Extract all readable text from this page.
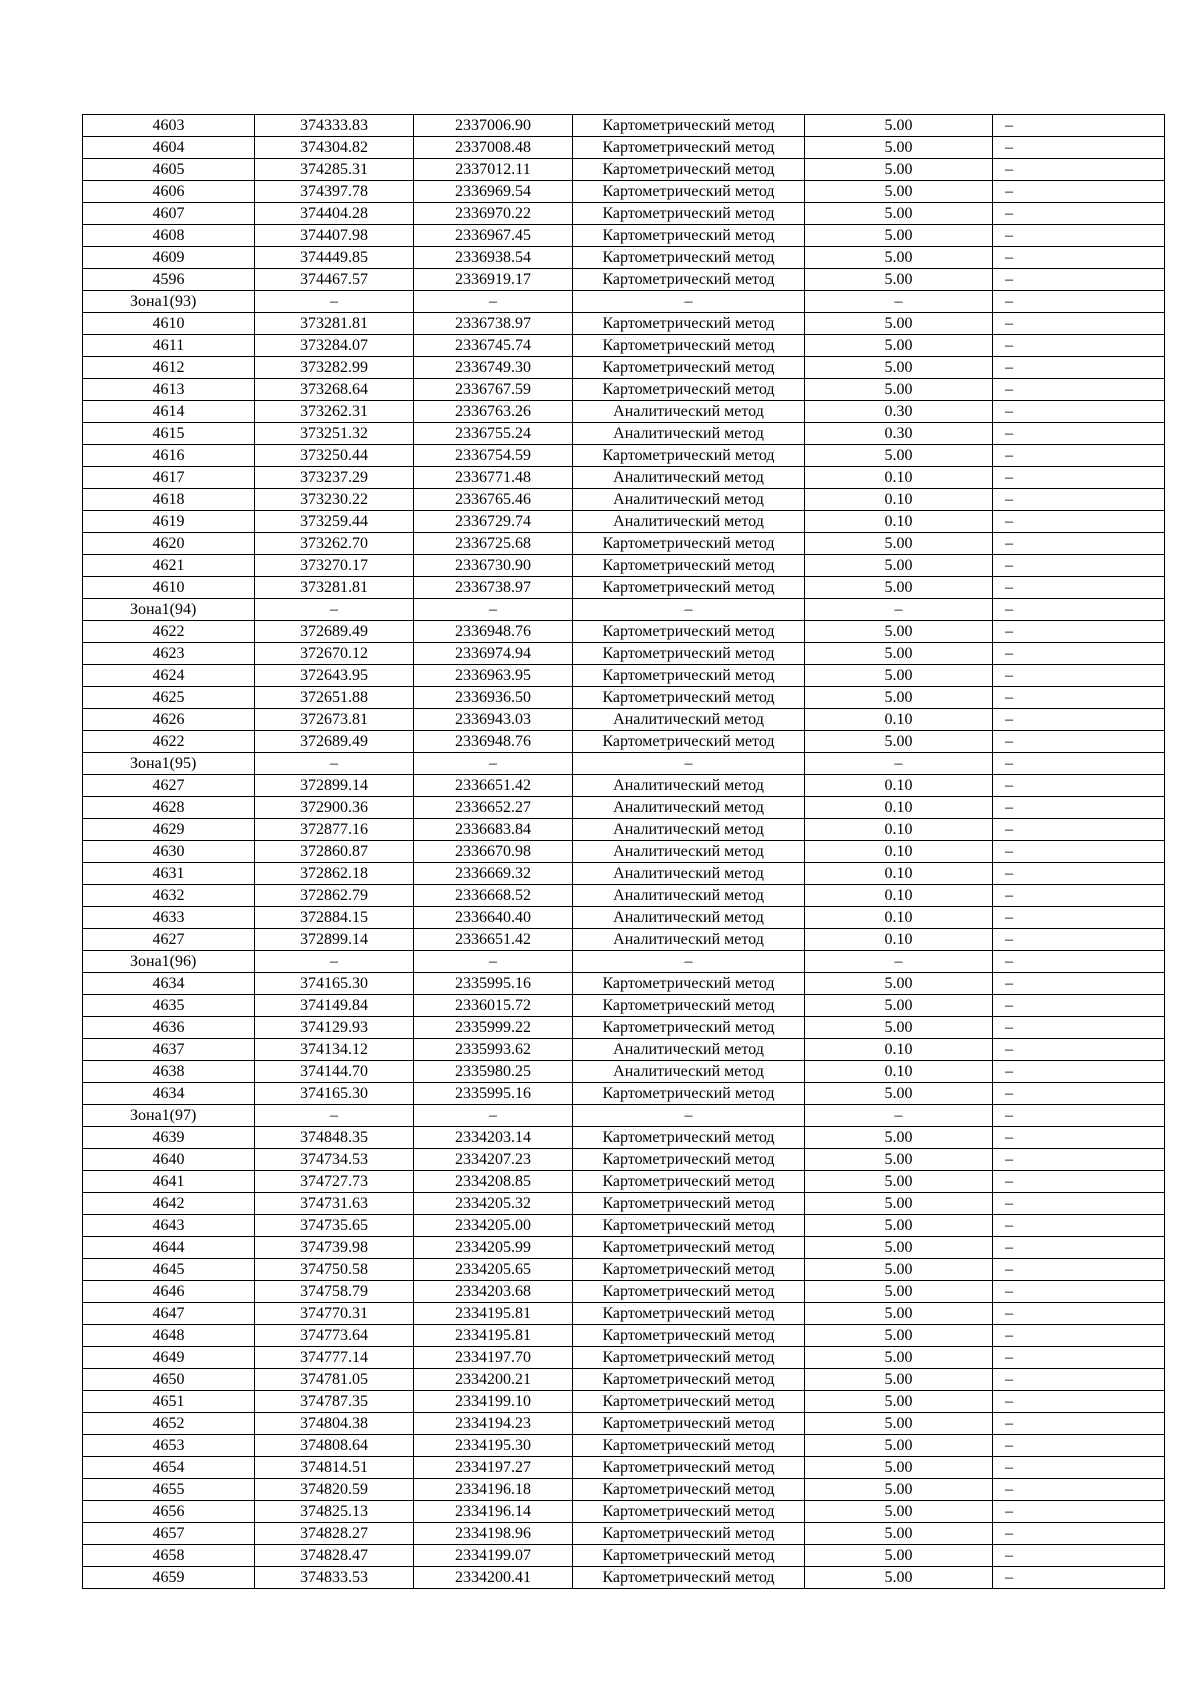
4603	374333.83	2337006.90	Картометрический метод	5.00	–
4604	374304.82	2337008.48	Картометрический метод	5.00	–
4605	374285.31	2337012.11	Картометрический метод	5.00	–
4606	374397.78	2336969.54	Картометрический метод	5.00	–
4607	374404.28	2336970.22	Картометрический метод	5.00	–
4608	374407.98	2336967.45	Картометрический метод	5.00	–
4609	374449.85	2336938.54	Картометрический метод	5.00	–
4596	374467.57	2336919.17	Картометрический метод	5.00	–
Зона1(93)	–	–	–	–	–
4610	373281.81	2336738.97	Картометрический метод	5.00	–
4611	373284.07	2336745.74	Картометрический метод	5.00	–
4612	373282.99	2336749.30	Картометрический метод	5.00	–
4613	373268.64	2336767.59	Картометрический метод	5.00	–
4614	373262.31	2336763.26	Аналитический метод	0.30	–
4615	373251.32	2336755.24	Аналитический метод	0.30	–
4616	373250.44	2336754.59	Картометрический метод	5.00	–
4617	373237.29	2336771.48	Аналитический метод	0.10	–
4618	373230.22	2336765.46	Аналитический метод	0.10	–
4619	373259.44	2336729.74	Аналитический метод	0.10	–
4620	373262.70	2336725.68	Картометрический метод	5.00	–
4621	373270.17	2336730.90	Картометрический метод	5.00	–
4610	373281.81	2336738.97	Картометрический метод	5.00	–
Зона1(94)	–	–	–	–	–
4622	372689.49	2336948.76	Картометрический метод	5.00	–
4623	372670.12	2336974.94	Картометрический метод	5.00	–
4624	372643.95	2336963.95	Картометрический метод	5.00	–
4625	372651.88	2336936.50	Картометрический метод	5.00	–
4626	372673.81	2336943.03	Аналитический метод	0.10	–
4622	372689.49	2336948.76	Картометрический метод	5.00	–
Зона1(95)	–	–	–	–	–
4627	372899.14	2336651.42	Аналитический метод	0.10	–
4628	372900.36	2336652.27	Аналитический метод	0.10	–
4629	372877.16	2336683.84	Аналитический метод	0.10	–
4630	372860.87	2336670.98	Аналитический метод	0.10	–
4631	372862.18	2336669.32	Аналитический метод	0.10	–
4632	372862.79	2336668.52	Аналитический метод	0.10	–
4633	372884.15	2336640.40	Аналитический метод	0.10	–
4627	372899.14	2336651.42	Аналитический метод	0.10	–
Зона1(96)	–	–	–	–	–
4634	374165.30	2335995.16	Картометрический метод	5.00	–
4635	374149.84	2336015.72	Картометрический метод	5.00	–
4636	374129.93	2335999.22	Картометрический метод	5.00	–
4637	374134.12	2335993.62	Аналитический метод	0.10	–
4638	374144.70	2335980.25	Аналитический метод	0.10	–
4634	374165.30	2335995.16	Картометрический метод	5.00	–
Зона1(97)	–	–	–	–	–
4639	374848.35	2334203.14	Картометрический метод	5.00	–
4640	374734.53	2334207.23	Картометрический метод	5.00	–
4641	374727.73	2334208.85	Картометрический метод	5.00	–
4642	374731.63	2334205.32	Картометрический метод	5.00	–
4643	374735.65	2334205.00	Картометрический метод	5.00	–
4644	374739.98	2334205.99	Картометрический метод	5.00	–
4645	374750.58	2334205.65	Картометрический метод	5.00	–
4646	374758.79	2334203.68	Картометрический метод	5.00	–
4647	374770.31	2334195.81	Картометрический метод	5.00	–
4648	374773.64	2334195.81	Картометрический метод	5.00	–
4649	374777.14	2334197.70	Картометрический метод	5.00	–
4650	374781.05	2334200.21	Картометрический метод	5.00	–
4651	374787.35	2334199.10	Картометрический метод	5.00	–
4652	374804.38	2334194.23	Картометрический метод	5.00	–
4653	374808.64	2334195.30	Картометрический метод	5.00	–
4654	374814.51	2334197.27	Картометрический метод	5.00	–
4655	374820.59	2334196.18	Картометрический метод	5.00	–
4656	374825.13	2334196.14	Картометрический метод	5.00	–
4657	374828.27	2334198.96	Картометрический метод	5.00	–
4658	374828.47	2334199.07	Картометрический метод	5.00	–
4659	374833.53	2334200.41	Картометрический метод	5.00	–
